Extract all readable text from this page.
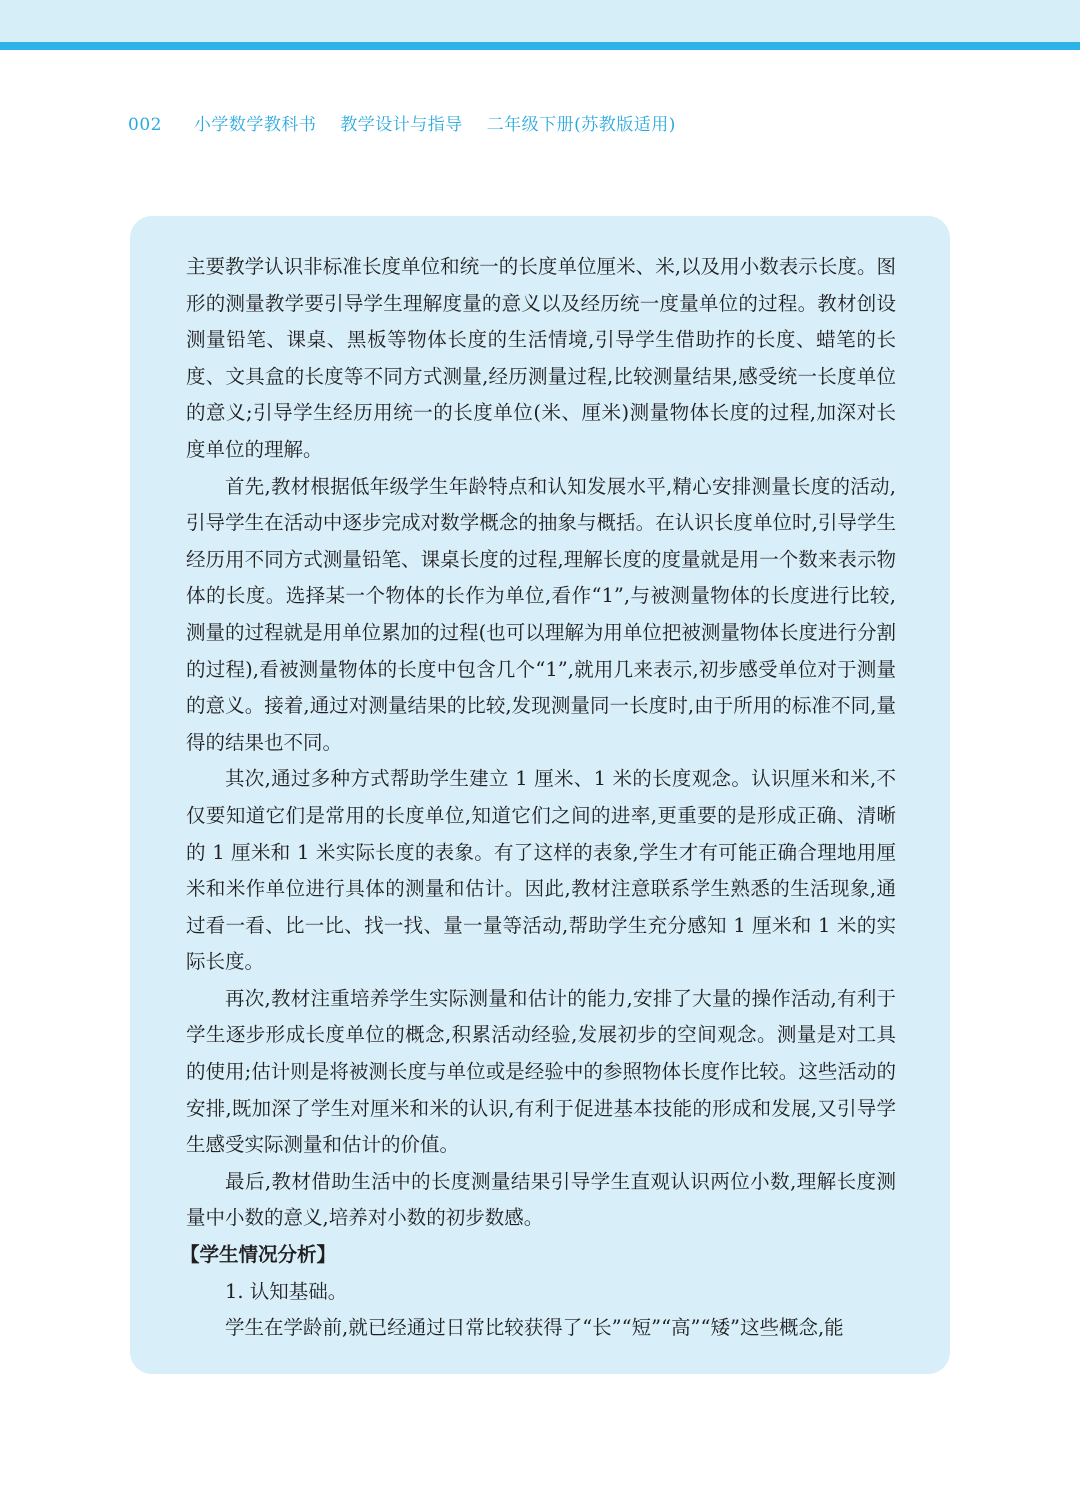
002 小学数学教科书 教学设计与指导 二年级下册(苏教版适用)

主要教学认识非标准长度单位和统一的长度单位厘米、米,以及用小数表示长度。图形的测量教学要引导学生理解度量的意义以及经历统一度量单位的过程。教材创设测量铅笔、课桌、黑板等物体长度的生活情境,引导学生借助拃的长度、蜡笔的长度、文具盒的长度等不同方式测量,经历测量过程,比较测量结果,感受统一长度单位的意义;引导学生经历用统一的长度单位(米、厘米)测量物体长度的过程,加深对长度单位的理解。

首先,教材根据低年级学生年龄特点和认知发展水平,精心安排测量长度的活动,引导学生在活动中逐步完成对数学概念的抽象与概括。在认识长度单位时,引导学生经历用不同方式测量铅笔、课桌长度的过程,理解长度的度量就是用一个数来表示物体的长度。选择某一个物体的长作为单位,看作“1”,与被测量物体的长度进行比较,测量的过程就是用单位累加的过程(也可以理解为用单位把被测量物体长度进行分割的过程),看被测量物体的长度中包含几个“1”,就用几来表示,初步感受单位对于测量的意义。接着,通过对测量结果的比较,发现测量同一长度时,由于所用的标准不同,量得的结果也不同。

其次,通过多种方式帮助学生建立 1 厘米、1 米的长度观念。认识厘米和米,不仅要知道它们是常用的长度单位,知道它们之间的进率,更重要的是形成正确、清晰的 1 厘米和 1 米实际长度的表象。有了这样的表象,学生才有可能正确合理地用厘米和米作单位进行具体的测量和估计。因此,教材注意联系学生熟悉的生活现象,通过看一看、比一比、找一找、量一量等活动,帮助学生充分感知 1 厘米和 1 米的实际长度。

再次,教材注重培养学生实际测量和估计的能力,安排了大量的操作活动,有利于学生逐步形成长度单位的概念,积累活动经验,发展初步的空间观念。测量是对工具的使用;估计则是将被测长度与单位或是经验中的参照物体长度作比较。这些活动的安排,既加深了学生对厘米和米的认识,有利于促进基本技能的形成和发展,又引导学生感受实际测量和估计的价值。

最后,教材借助生活中的长度测量结果引导学生直观认识两位小数,理解长度测量中小数的意义,培养对小数的初步数感。

【学生情况分析】

1. 认知基础。

学生在学龄前,就已经通过日常比较获得了“长”“短”“高”“矮”这些概念,能
